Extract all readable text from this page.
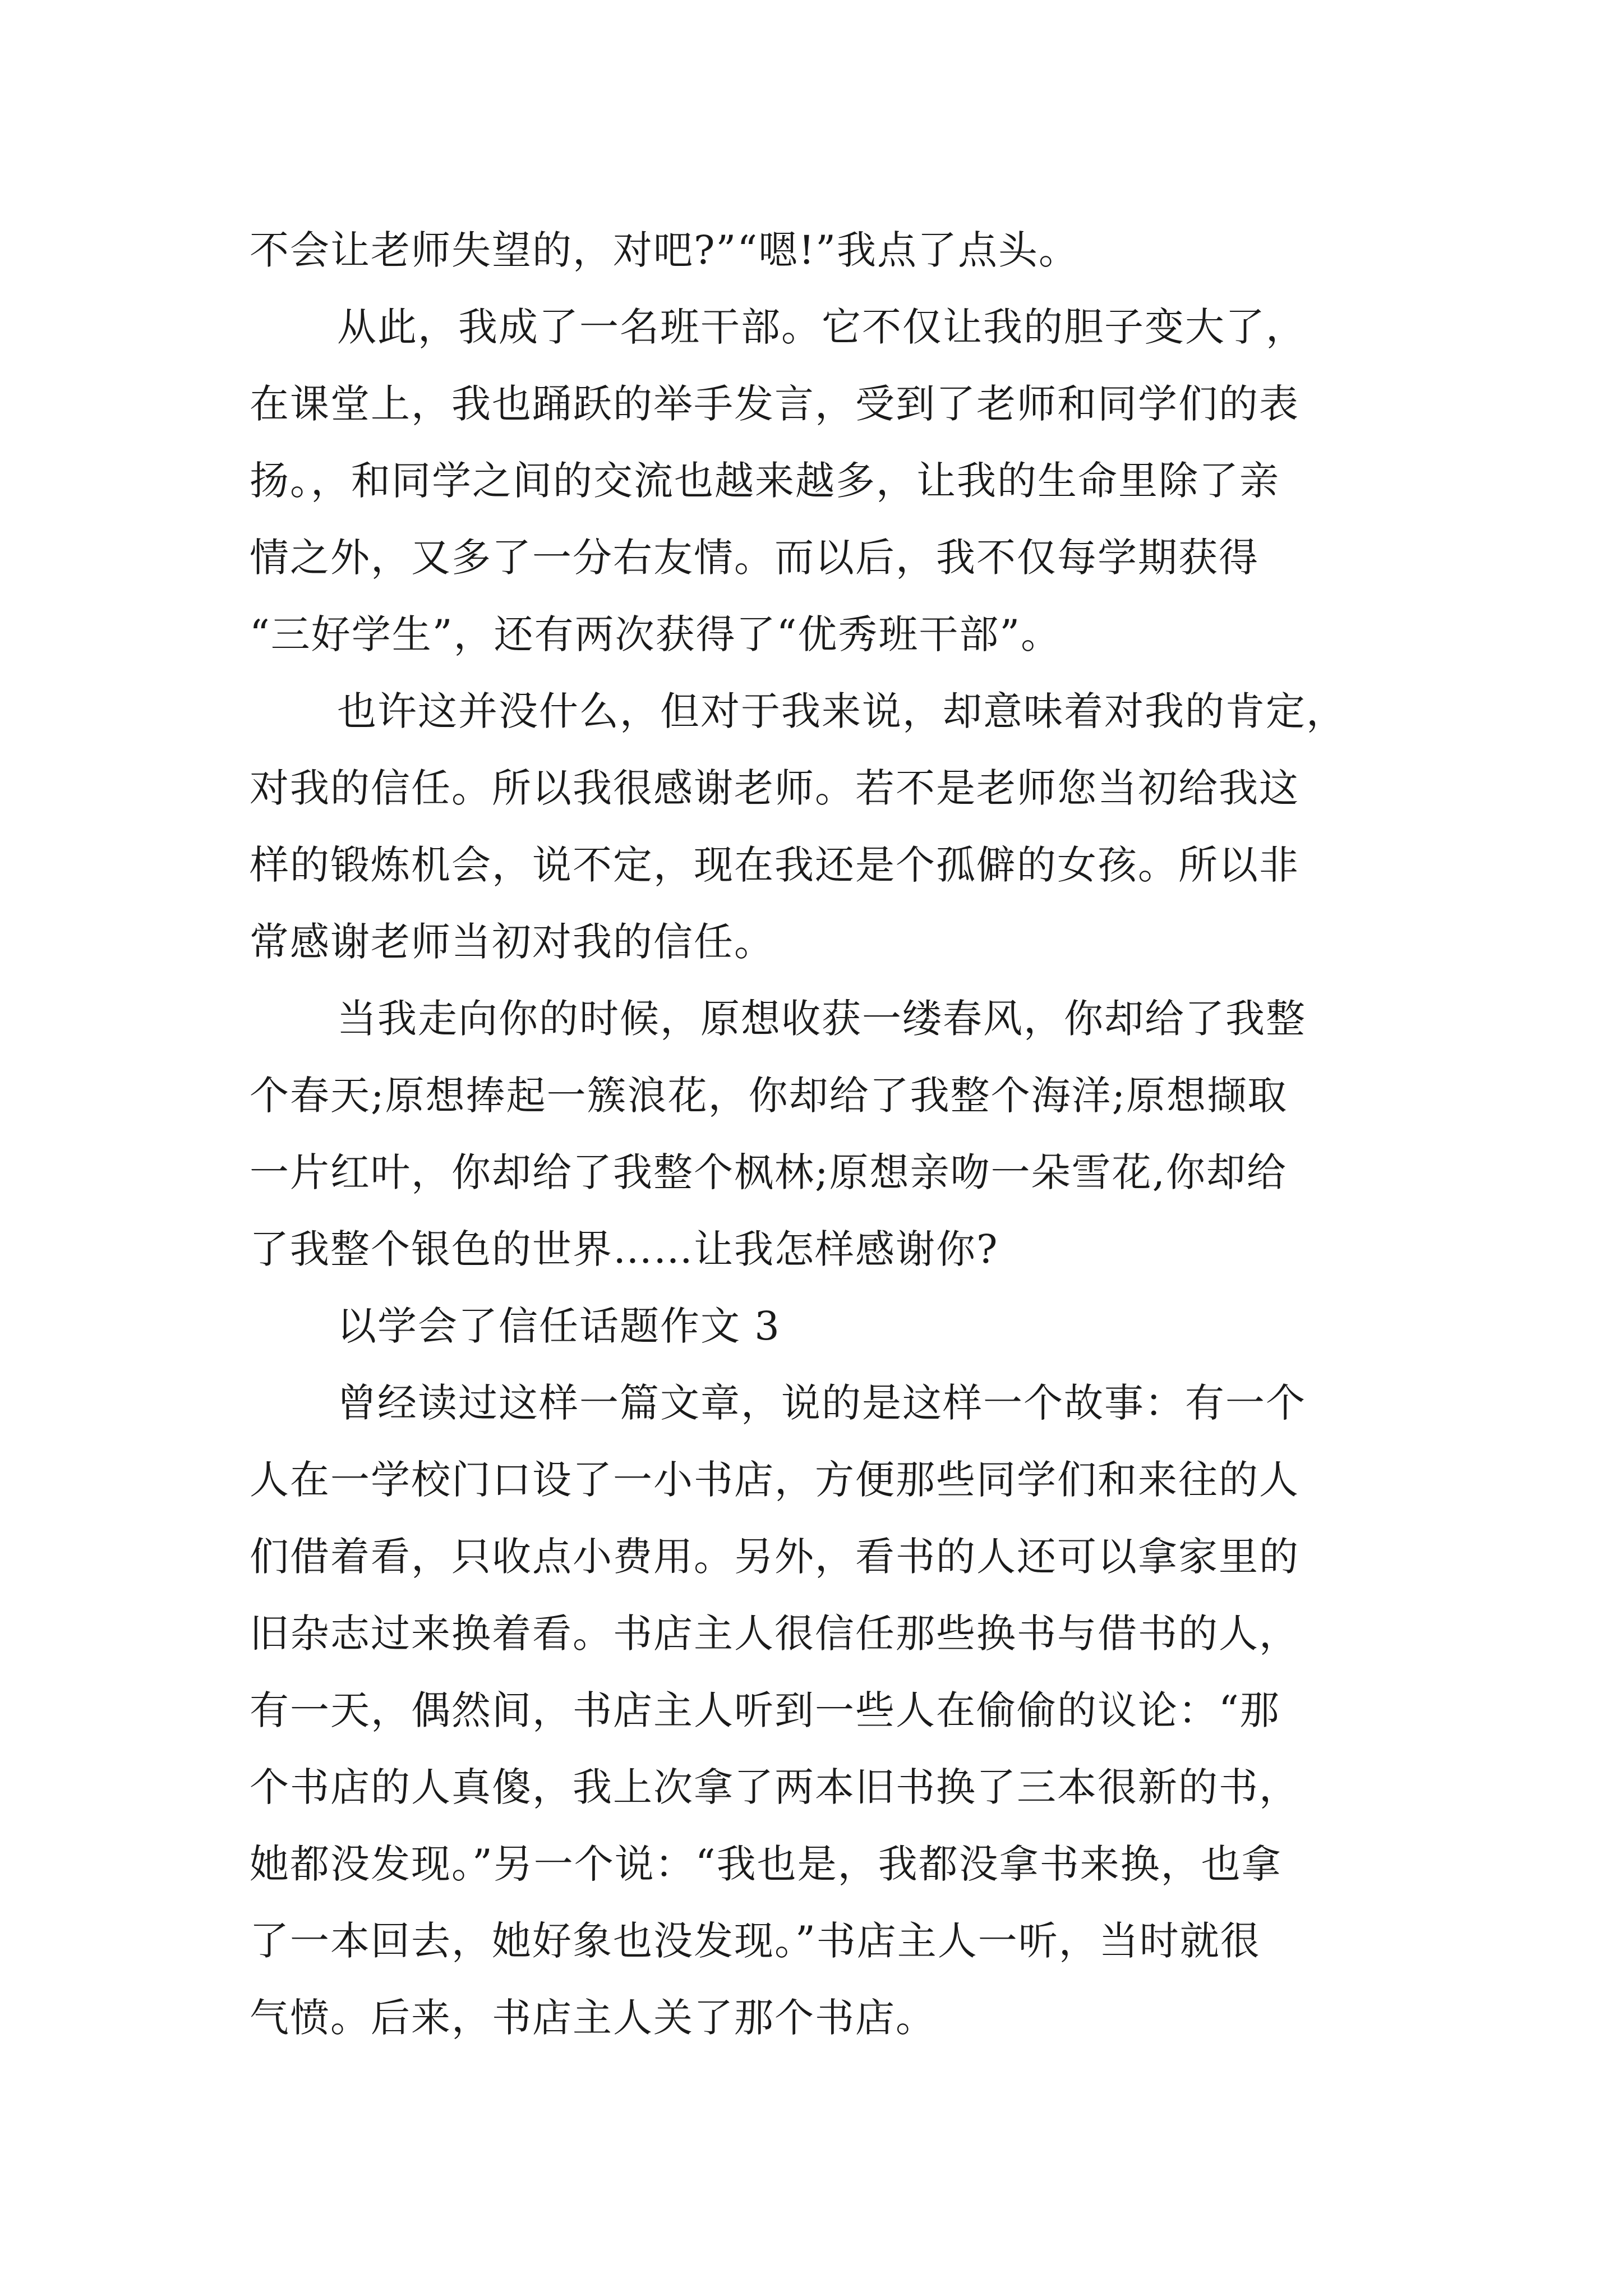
不会让老师失望的，对吧?”“嗯!”我点了点头。
从此，我成了一名班干部。它不仅让我的胆子变大了，
在课堂上，我也踊跃的举手发言，受到了老师和同学们的表
扬。，和同学之间的交流也越来越多，让我的生命里除了亲
情之外，又多了一分右友情。而以后，我不仅每学期获得
“三好学生”，还有两次获得了“优秀班干部”。
也许这并没什么，但对于我来说，却意味着对我的肯定，
对我的信任。所以我很感谢老师。若不是老师您当初给我这
样的锻炼机会，说不定，现在我还是个孤僻的女孩。所以非
常感谢老师当初对我的信任。
当我走向你的时候，原想收获一缕春风，你却给了我整
个春天;原想捧起一簇浪花，你却给了我整个海洋;原想撷取
一片红叶，你却给了我整个枫林;原想亲吻一朵雪花,你却给
了我整个银色的世界……让我怎样感谢你?
以学会了信任话题作文 3
曾经读过这样一篇文章，说的是这样一个故事：有一个
人在一学校门口设了一小书店，方便那些同学们和来往的人
们借着看，只收点小费用。另外，看书的人还可以拿家里的
旧杂志过来换着看。书店主人很信任那些换书与借书的人，
有一天，偶然间，书店主人听到一些人在偷偷的议论：“那
个书店的人真傻，我上次拿了两本旧书换了三本很新的书，
她都没发现。”另一个说：“我也是，我都没拿书来换，也拿
了一本回去，她好象也没发现。”书店主人一听，当时就很
气愤。后来，书店主人关了那个书店。
